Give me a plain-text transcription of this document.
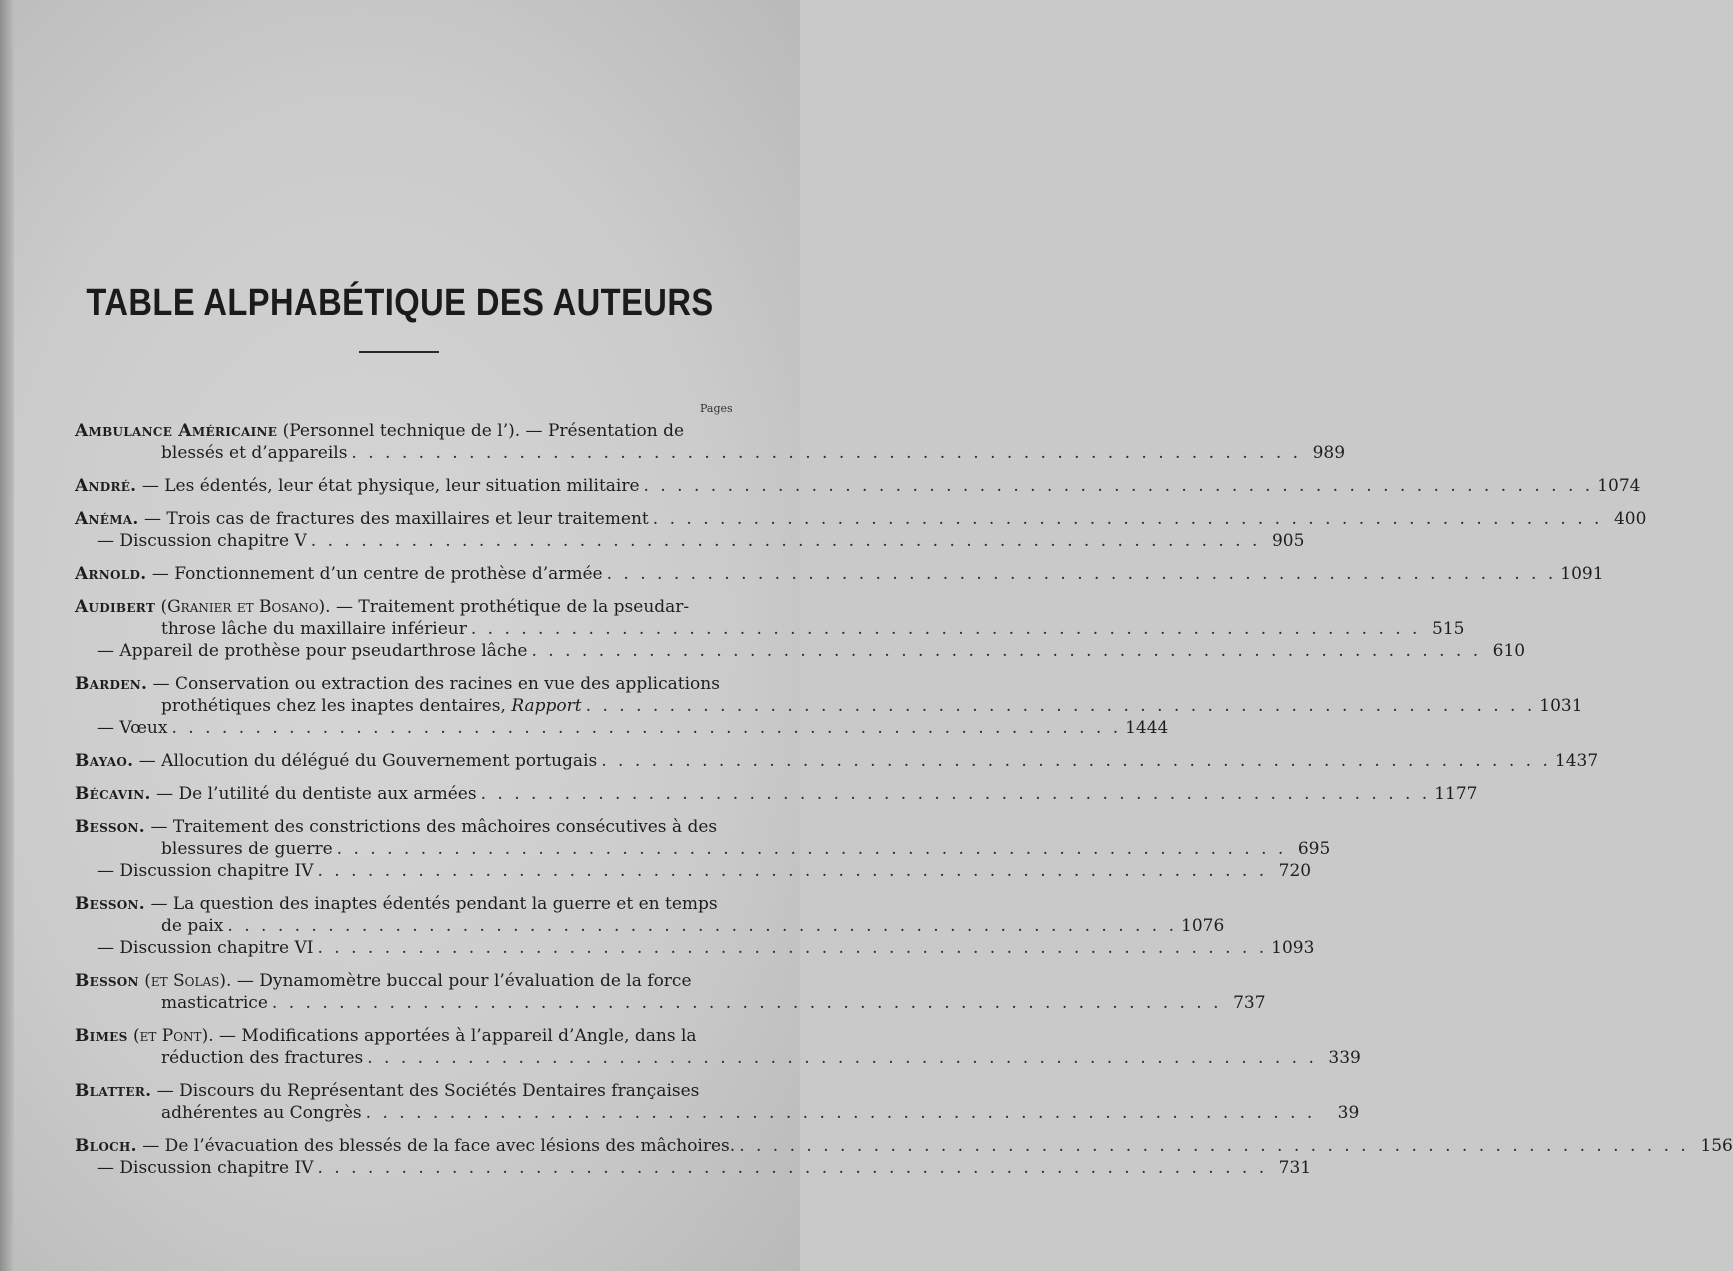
TABLE ALPHABÉTIQUE DES AUTEURS
Pages
Ambulance Américaine (Personnel technique de l’). — Présentation de
blessés et d’appareils . . .	989
André. — Les édentés, leur état physique, leur situation militaire . . .	1074
Anéma. — Trois cas de fractures des maxillaires et leur traitement . . .	400
— Discussion chapitre V . . .	905
Arnold. — Fonctionnement d’un centre de prothèse d’armée . . .	1091
Audibert (Granier et Bosano). — Traitement prothétique de la pseudar-
throse lâche du maxillaire inférieur . . .	515
— Appareil de prothèse pour pseudarthrose lâche . . .	610
Barden. — Conservation ou extraction des racines en vue des applications
prothétiques chez les inaptes dentaires, Rapport . . .	1031
— Vœux . . .	1444
Bayao. — Allocution du délégué du Gouvernement portugais . . .	1437
Bécavin. — De l’utilité du dentiste aux armées . . .	1177
Besson. — Traitement des constrictions des mâchoires consécutives à des
blessures de guerre . . .	695
— Discussion chapitre IV . . .	720
Besson. — La question des inaptes édentés pendant la guerre et en temps
de paix . . .	1076
— Discussion chapitre VI . . .	1093
Besson (et Solas). — Dynamomètre buccal pour l’évaluation de la force
masticatrice . . .	737
Bimes (et Pont). — Modifications apportées à l’appareil d’Angle, dans la
réduction des fractures . . .	339
Blatter. — Discours du Représentant des Sociétés Dentaires françaises
adhérentes au Congrès . . .	39
Bloch. — De l’évacuation des blessés de la face avec lésions des mâchoires. . . .	156
— Discussion chapitre IV . . .	731
